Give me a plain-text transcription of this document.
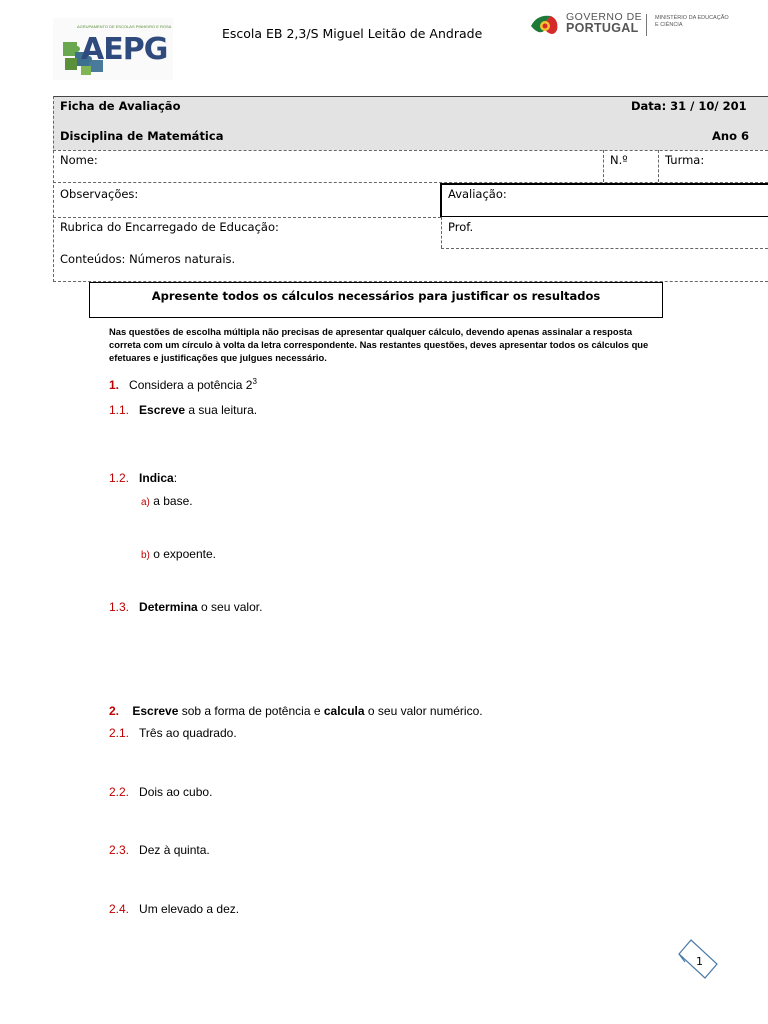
AGRUPAMENTO DE ESCOLAS PINHEIRO E ROSA
AEPG	Escola EB 2,3/S Miguel Leitão de Andrade
GOVERNO DE
PORTUGAL
MINISTÉRIO DA EDUCAÇÃO
E CIÊNCIA
Ficha de Avaliação	Data: 31 / 10/ 201
Disciplina de Matemática	Ano 6
Nome:	N.º	Turma:
Observações:	Avaliação:
Rubrica do Encarregado de Educação:	Prof.
Conteúdos: Números naturais.
Apresente todos os cálculos necessários para justificar os resultados
Nas questões de escolha múltipla não precisas de apresentar qualquer cálculo, devendo apenas assinalar a resposta correta com um círculo à volta da letra correspondente. Nas restantes questões, deves apresentar todos os cálculos que efetuares e justificações que julgues necessário.
1. Considera a potência $2^3$
1.1. Escreve a sua leitura.
1.2. Indica:
a) a base.
b) o expoente.
1.3. Determina o seu valor.
2. Escreve sob a forma de potência e calcula o seu valor numérico.
2.1. Três ao quadrado.
2.2. Dois ao cubo.
2.3. Dez à quinta.
2.4. Um elevado a dez.
1
